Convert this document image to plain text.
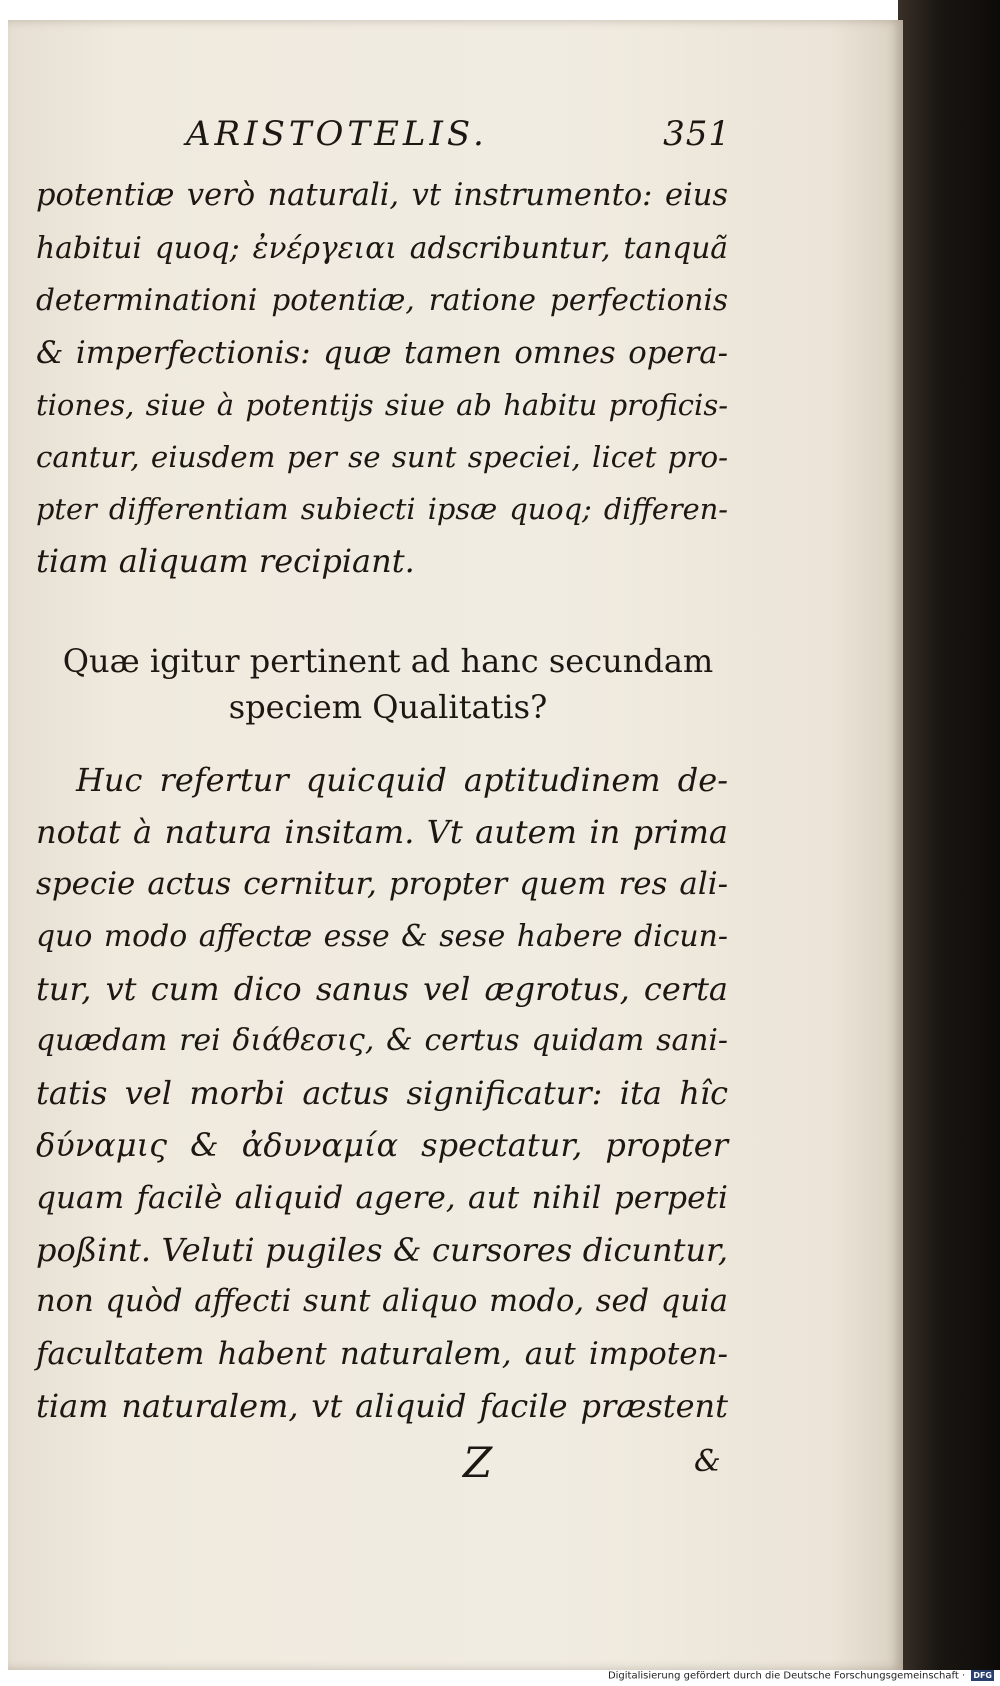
ARISTOTELIS.	351
potentiæ verò naturali, vt instrumento: eius
habitui quoq; ἐνέργειαι adscribuntur, tanquã
determinationi potentiæ, ratione perfectionis
& imperfectionis: quæ tamen omnes opera-
tiones, siue à potentijs siue ab habitu proficis-
cantur, eiusdem per se sunt speciei, licet pro-
pter differentiam subiecti ipsæ quoq; differen-
tiam aliquam recipiant.
Quæ igitur pertinent ad hanc secundam
speciem Qualitatis?
Huc refertur quicquid aptitudinem de-
notat à natura insitam. Vt autem in prima
specie actus cernitur, propter quem res ali-
quo modo affectæ esse & sese habere dicun-
tur, vt cum dico sanus vel ægrotus, certa
quædam rei διάθεσις, & certus quidam sani-
tatis vel morbi actus significatur: ita hîc
δύναμις & ἀδυναμία spectatur, propter
quam facilè aliquid agere, aut nihil perpeti
poßint. Veluti pugiles & cursores dicuntur,
non quòd affecti sunt aliquo modo, sed quia
facultatem habent naturalem, aut impoten-
tiam naturalem, vt aliquid facile præstent
Z	&
Digitalisierung gefördert durch die Deutsche Forschungsgemeinschaft · DFG
